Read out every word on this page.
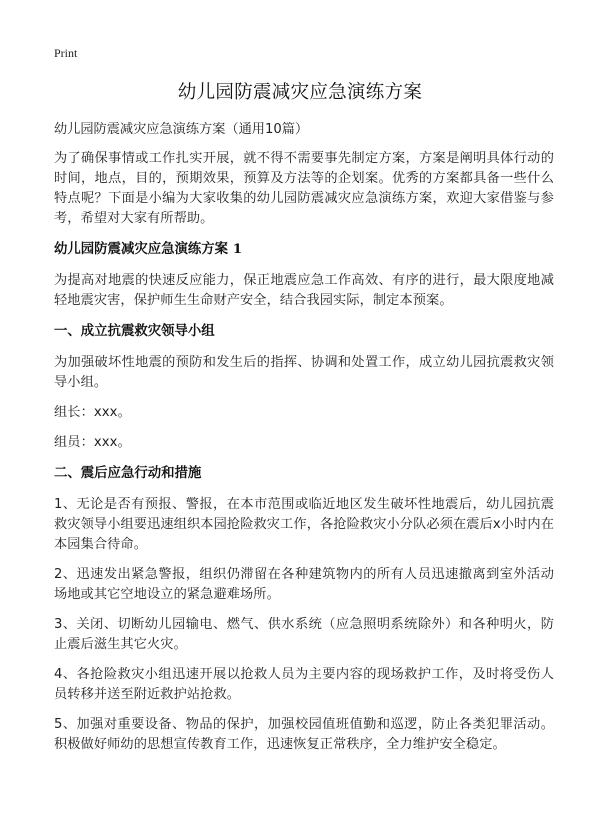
Print
幼儿园防震减灾应急演练方案

幼儿园防震减灾应急演练方案（通用10篇）

为了确保事情或工作扎实开展，就不得不需要事先制定方案，方案是阐明具体行动的时间，地点，目的，预期效果，预算及方法等的企划案。优秀的方案都具备一些什么特点呢？下面是小编为大家收集的幼儿园防震减灾应急演练方案，欢迎大家借鉴与参考，希望对大家有所帮助。

幼儿园防震减灾应急演练方案 1

为提高对地震的快速反应能力，保正地震应急工作高效、有序的进行，最大限度地减轻地震灾害，保护师生生命财产安全，结合我园实际，制定本预案。

一、成立抗震救灾领导小组

为加强破坏性地震的预防和发生后的指挥、协调和处置工作，成立幼儿园抗震救灾领导小组。

组长：xxx。

组员：xxx。

二、震后应急行动和措施

1、无论是否有预报、警报，在本市范围或临近地区发生破坏性地震后，幼儿园抗震救灾领导小组要迅速组织本园抢险救灾工作，各抢险救灾小分队必须在震后x小时内在本园集合待命。

2、迅速发出紧急警报，组织仍滞留在各种建筑物内的所有人员迅速撤离到室外活动场地或其它空地设立的紧急避难场所。

3、关闭、切断幼儿园输电、燃气、供水系统（应急照明系统除外）和各种明火，防止震后滋生其它火灾。

4、各抢险救灾小组迅速开展以抢救人员为主要内容的现场救护工作，及时将受伤人员转移并送至附近救护站抢救。

5、加强对重要设备、物品的保护，加强校园值班值勤和巡逻，防止各类犯罪活动。积极做好师幼的思想宣传教育工作，迅速恢复正常秩序，全力维护安全稳定。
